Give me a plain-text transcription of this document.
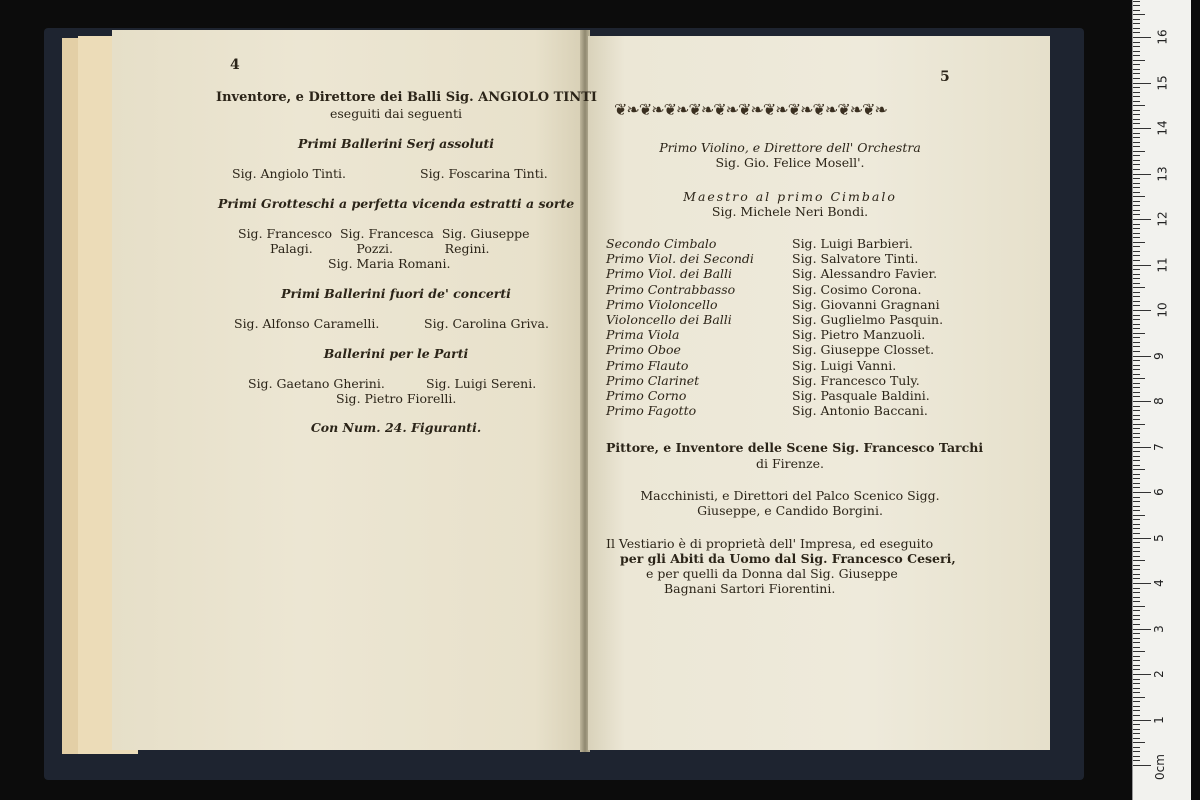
4
Inventore, e Direttore dei Balli Sig. ANGIOLO TINTI
eseguiti dai seguenti
Primi Ballerini Serj assoluti
Sig. Angiolo Tinti.	Sig. Foscarina Tinti.
Primi Grotteschi a perfetta vicenda estratti a sorte
Sig. Francesco  Sig. Francesca  Sig. Giuseppe
Palagi.           Pozzi.             Regini.
Sig. Maria Romani.
Primi Ballerini fuori de' concerti
Sig. Alfonso Caramelli.	Sig. Carolina Griva.
Ballerini per le Parti
Sig. Gaetano Gherini.	Sig. Luigi Sereni.
Sig. Pietro Fiorelli.
Con Num. 24. Figuranti.
5
❦❧❦❧❦❧❦❧❦❧❦❧❦❧❦❧❦❧❦❧❦❧
Primo Violino, e Direttore dell' Orchestra
Sig. Gio. Felice Mosell'.
Maestro al primo Cimbalo
Sig. Michele Neri Bondi.
Secondo Cimbalo	Sig. Luigi Barbieri.
Primo Viol. dei Secondi	Sig. Salvatore Tinti.
Primo Viol. dei Balli	Sig. Alessandro Favier.
Primo Contrabbasso	Sig. Cosimo Corona.
Primo Violoncello	Sig. Giovanni Gragnani
Violoncello dei Balli	Sig. Guglielmo Pasquin.
Prima Viola	Sig. Pietro Manzuoli.
Primo Oboe	Sig. Giuseppe Closset.
Primo Flauto	Sig. Luigi Vanni.
Primo Clarinet	Sig. Francesco Tuly.
Primo Corno	Sig. Pasquale Baldini.
Primo Fagotto	Sig. Antonio Baccani.
Pittore, e Inventore delle Scene Sig. Francesco Tarchi
di Firenze.
Macchinisti, e Direttori del Palco Scenico Sigg.
Giuseppe, e Candido Borgini.
Il Vestiario è di proprietà dell' Impresa, ed eseguito
per gli Abiti da Uomo dal Sig. Francesco Ceseri,
e per quelli da Donna dal Sig. Giuseppe
Bagnani Sartori Fiorentini.
0cm
1
2
3
4
5
6
7
8
9
10
11
12
13
14
15
16
